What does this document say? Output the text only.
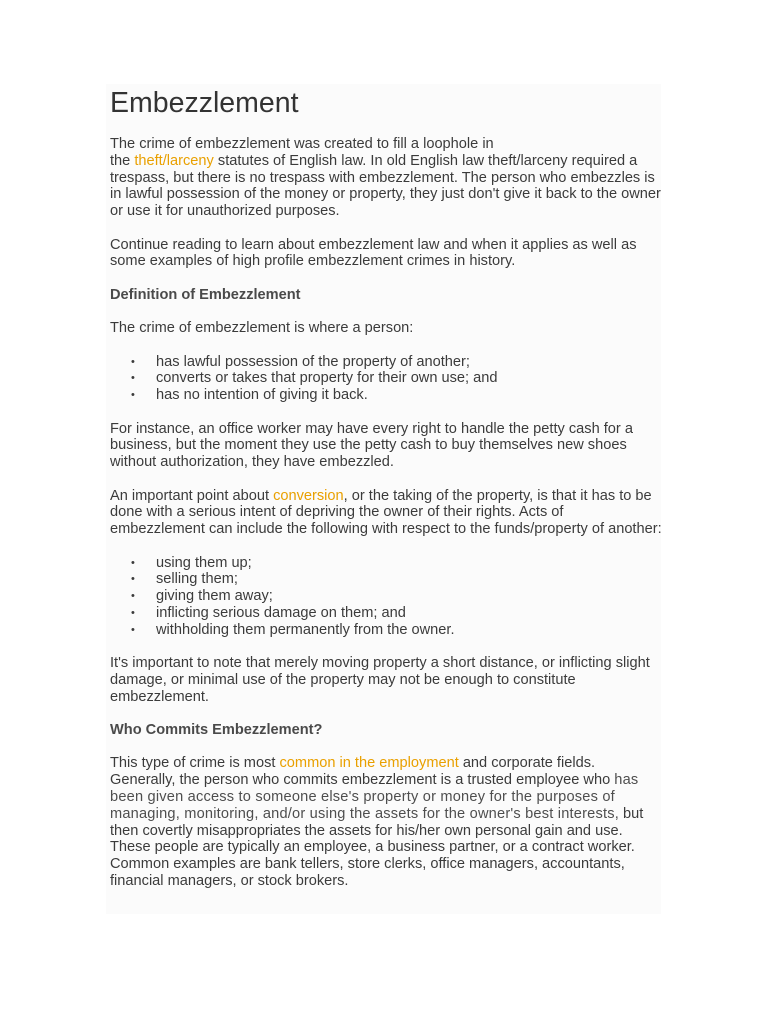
Embezzlement

The crime of embezzlement was created to fill a loophole in
the theft/larceny statutes of English law. In old English law theft/larceny required a trespass, but there is no trespass with embezzlement. The person who embezzles is in lawful possession of the money or property, they just don't give it back to the owner or use it for unauthorized purposes.

Continue reading to learn about embezzlement law and when it applies as well as some examples of high profile embezzlement crimes in history.

Definition of Embezzlement

The crime of embezzlement is where a person:

• has lawful possession of the property of another;
• converts or takes that property for their own use; and
• has no intention of giving it back.

For instance, an office worker may have every right to handle the petty cash for a business, but the moment they use the petty cash to buy themselves new shoes without authorization, they have embezzled.

An important point about conversion, or the taking of the property, is that it has to be done with a serious intent of depriving the owner of their rights. Acts of embezzlement can include the following with respect to the funds/property of another:

• using them up;
• selling them;
• giving them away;
• inflicting serious damage on them; and
• withholding them permanently from the owner.

It's important to note that merely moving property a short distance, or inflicting slight damage, or minimal use of the property may not be enough to constitute embezzlement.

Who Commits Embezzlement?

This type of crime is most common in the employment and corporate fields. Generally, the person who commits embezzlement is a trusted employee who has been given access to someone else's property or money for the purposes of managing, monitoring, and/or using the assets for the owner's best interests, but then covertly misappropriates the assets for his/her own personal gain and use. These people are typically an employee, a business partner, or a contract worker. Common examples are bank tellers, store clerks, office managers, accountants, financial managers, or stock brokers.
